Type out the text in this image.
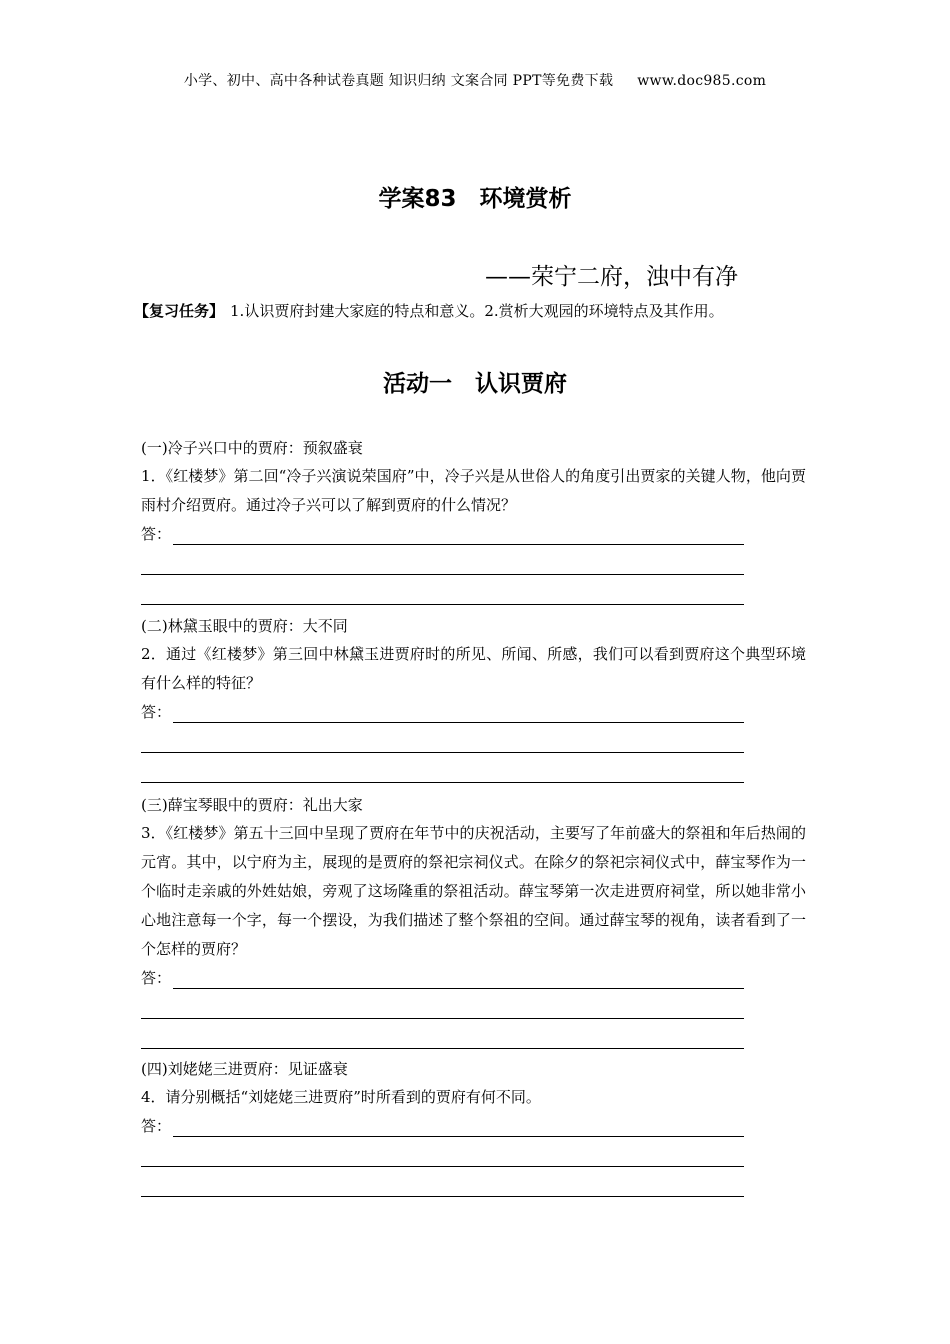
小学、初中、高中各种试卷真题 知识归纳 文案合同 PPT等免费下载 www.doc985.com
学案83　环境赏析
——荣宁二府，浊中有净
【复习任务】 1.认识贾府封建大家庭的特点和意义。2.赏析大观园的环境特点及其作用。
活动一　认识贾府
(一)冷子兴口中的贾府：预叙盛衰
1．《红楼梦》第二回“冷子兴演说荣国府”中，冷子兴是从世俗人的角度引出贾家的关键人物，他向贾雨村介绍贾府。通过冷子兴可以了解到贾府的什么情况？
答：
(二)林黛玉眼中的贾府：大不同
2．通过《红楼梦》第三回中林黛玉进贾府时的所见、所闻、所感，我们可以看到贾府这个典型环境有什么样的特征？
答：
(三)薛宝琴眼中的贾府：礼出大家
3．《红楼梦》第五十三回中呈现了贾府在年节中的庆祝活动，主要写了年前盛大的祭祖和年后热闹的元宵。其中，以宁府为主，展现的是贾府的祭祀宗祠仪式。在除夕的祭祀宗祠仪式中，薛宝琴作为一个临时走亲戚的外姓姑娘，旁观了这场隆重的祭祖活动。薛宝琴第一次走进贾府祠堂，所以她非常小心地注意每一个字，每一个摆设，为我们描述了整个祭祖的空间。通过薛宝琴的视角，读者看到了一个怎样的贾府？
答：
(四)刘姥姥三进贾府：见证盛衰
4．请分别概括“刘姥姥三进贾府”时所看到的贾府有何不同。
答：
